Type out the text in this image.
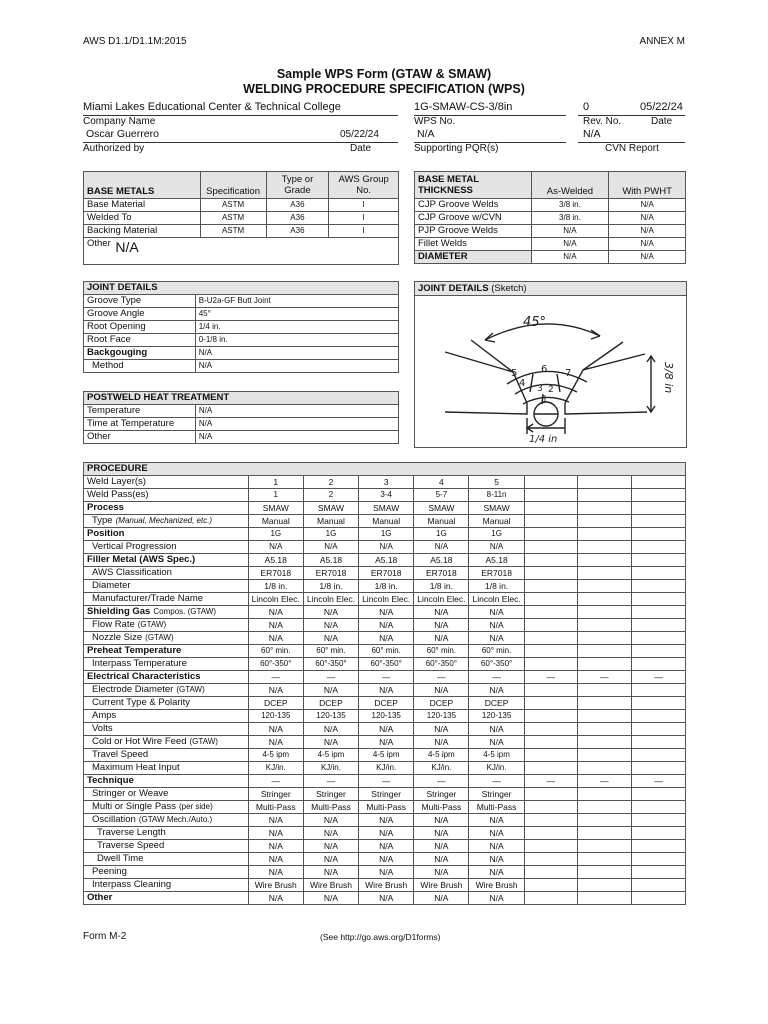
AWS D1.1/D1.1M:2015	ANNEX M
Sample WPS Form (GTAW & SMAW)
WELDING PROCEDURE SPECIFICATION (WPS)
Miami Lakes Educational Center & Technical College
Company Name
Oscar Guerrero	05/22/24
Authorized by	Date
1G-SMAW-CS-3/8in	0	05/22/24
WPS No.	Rev. No.	Date
N/A	N/A
Supporting PQR(s)	CVN Report
BASE METALS	Specification	Type or Grade	AWS Group No.
Base Material	ASTM	A36	I
Welded To	ASTM	A36	I
Backing Material	ASTM	A36	I
Other N/A			
BASE METAL THICKNESS	As-Welded	With PWHT
CJP Groove Welds	3/8 in.	N/A
CJP Groove w/CVN	3/8 in.	N/A
PJP Groove Welds	N/A	N/A
Fillet Welds	N/A	N/A
DIAMETER	N/A	N/A
JOINT DETAILS	
Groove Type	B-U2a-GF Butt Joint
Groove Angle	45°
Root Opening	1/4 in.
Root Face	0-1/8 in.
Backgouging	N/A
Method	N/A
POSTWELD HEAT TREATMENT	
Temperature	N/A
Time at Temperature	N/A
Other	N/A
JOINT DETAILS (Sketch)
45°
1
2
3
4
5 6 7
1/4 in
3/8 in
PROCEDURE								
Weld Layer(s)	1	2	3	4	5			
Weld Pass(es)	1	2	3-4	5-7	8-11n			
Process	SMAW	SMAW	SMAW	SMAW	SMAW			
Type (Manual, Mechanized, etc.)	Manual	Manual	Manual	Manual	Manual			
Position	1G	1G	1G	1G	1G			
Vertical Progression	N/A	N/A	N/A	N/A	N/A			
Filler Metal (AWS Spec.)	A5.18	A5.18	A5.18	A5.18	A5.18			
AWS Classification	ER7018	ER7018	ER7018	ER7018	ER7018			
Diameter	1/8 in.	1/8 in.	1/8 in.	1/8 in.	1/8 in.			
Manufacturer/Trade Name	Lincoln Elec.	Lincoln Elec.	Lincoln Elec.	Lincoln Elec.	Lincoln Elec.			
Shielding Gas Compos. (GTAW)	N/A	N/A	N/A	N/A	N/A			
Flow Rate (GTAW)	N/A	N/A	N/A	N/A	N/A			
Nozzle Size (GTAW)	N/A	N/A	N/A	N/A	N/A			
Preheat Temperature	60° min.	60° min.	60° min.	60° min.	60° min.			
Interpass Temperature	60°-350°	60°-350°	60°-350°	60°-350°	60°-350°			
Electrical Characteristics	—	—	—	—	—	—	—	—
Electrode Diameter (GTAW)	N/A	N/A	N/A	N/A	N/A			
Current Type & Polarity	DCEP	DCEP	DCEP	DCEP	DCEP			
Amps	120-135	120-135	120-135	120-135	120-135			
Volts	N/A	N/A	N/A	N/A	N/A			
Cold or Hot Wire Feed (GTAW)	N/A	N/A	N/A	N/A	N/A			
Travel Speed	4-5 ipm	4-5 ipm	4-5 ipm	4-5 ipm	4-5 ipm			
Maximum Heat Input	KJ/in.	KJ/in.	KJ/in.	KJ/in.	KJ/in.			
Technique	—	—	—	—	—	—	—	—
Stringer or Weave	Stringer	Stringer	Stringer	Stringer	Stringer			
Multi or Single Pass (per side)	Multi-Pass	Multi-Pass	Multi-Pass	Multi-Pass	Multi-Pass			
Oscillation (GTAW Mech./Auto.)	N/A	N/A	N/A	N/A	N/A			
Traverse Length	N/A	N/A	N/A	N/A	N/A			
Traverse Speed	N/A	N/A	N/A	N/A	N/A			
Dwell Time	N/A	N/A	N/A	N/A	N/A			
Peening	N/A	N/A	N/A	N/A	N/A			
Interpass Cleaning	Wire Brush	Wire Brush	Wire Brush	Wire Brush	Wire Brush			
Other	N/A	N/A	N/A	N/A	N/A			
Form M-2	(See http://go.aws.org/D1forms)
